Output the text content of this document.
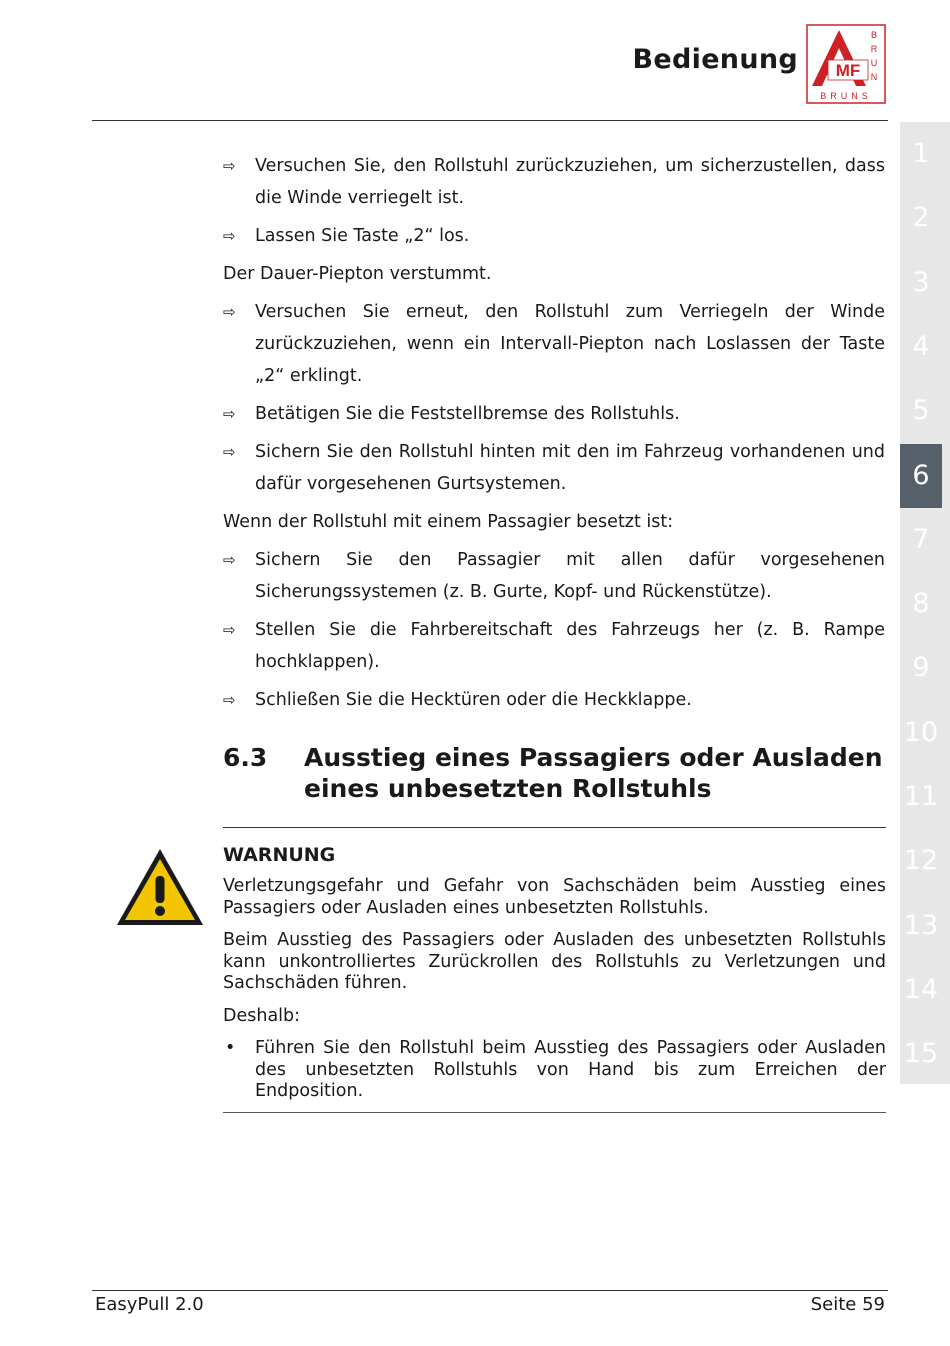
Bedienung MF
B
R
U
N
BRUNS
1
2
3
4
5
6
7
8
9
10
11
12
13
14
15
⇨	Versuchen Sie, den Rollstuhl zurückzuziehen, um sicherzustellen, dass die Winde verriegelt ist.
⇨	Lassen Sie Taste „2“ los.
Der Dauer-Piepton verstummt.
⇨	Versuchen Sie erneut, den Rollstuhl zum Verriegeln der Winde zurückzuziehen, wenn ein Intervall-Piepton nach Loslassen der Taste „2“ erklingt.
⇨	Betätigen Sie die Feststellbremse des Rollstuhls.
⇨	Sichern Sie den Rollstuhl hinten mit den im Fahrzeug vorhandenen und dafür vorgesehenen Gurtsystemen.
Wenn der Rollstuhl mit einem Passagier besetzt ist:
⇨	Sichern Sie den Passagier mit allen dafür vorgesehenen Sicherungssystemen (z. B. Gurte, Kopf- und Rückenstütze).
⇨	Stellen Sie die Fahrbereitschaft des Fahrzeugs her (z. B. Rampe hochklappen).
⇨	Schließen Sie die Hecktüren oder die Heckklappe.
6.3 Ausstieg eines Passagiers oder Ausladen eines unbesetzten Rollstuhls
WARNUNG

Verletzungsgefahr und Gefahr von Sachschäden beim Ausstieg eines Passagiers oder Ausladen eines unbesetzten Rollstuhls.

Beim Ausstieg des Passagiers oder Ausladen des unbesetzten Rollstuhls kann unkontrolliertes Zurückrollen des Rollstuhls zu Verletzungen und Sachschäden führen.

Deshalb:

• Führen Sie den Rollstuhl beim Ausstieg des Passagiers oder Ausladen des unbesetzten Rollstuhls von Hand bis zum Erreichen der Endposition.
EasyPull 2.0	Seite 59
